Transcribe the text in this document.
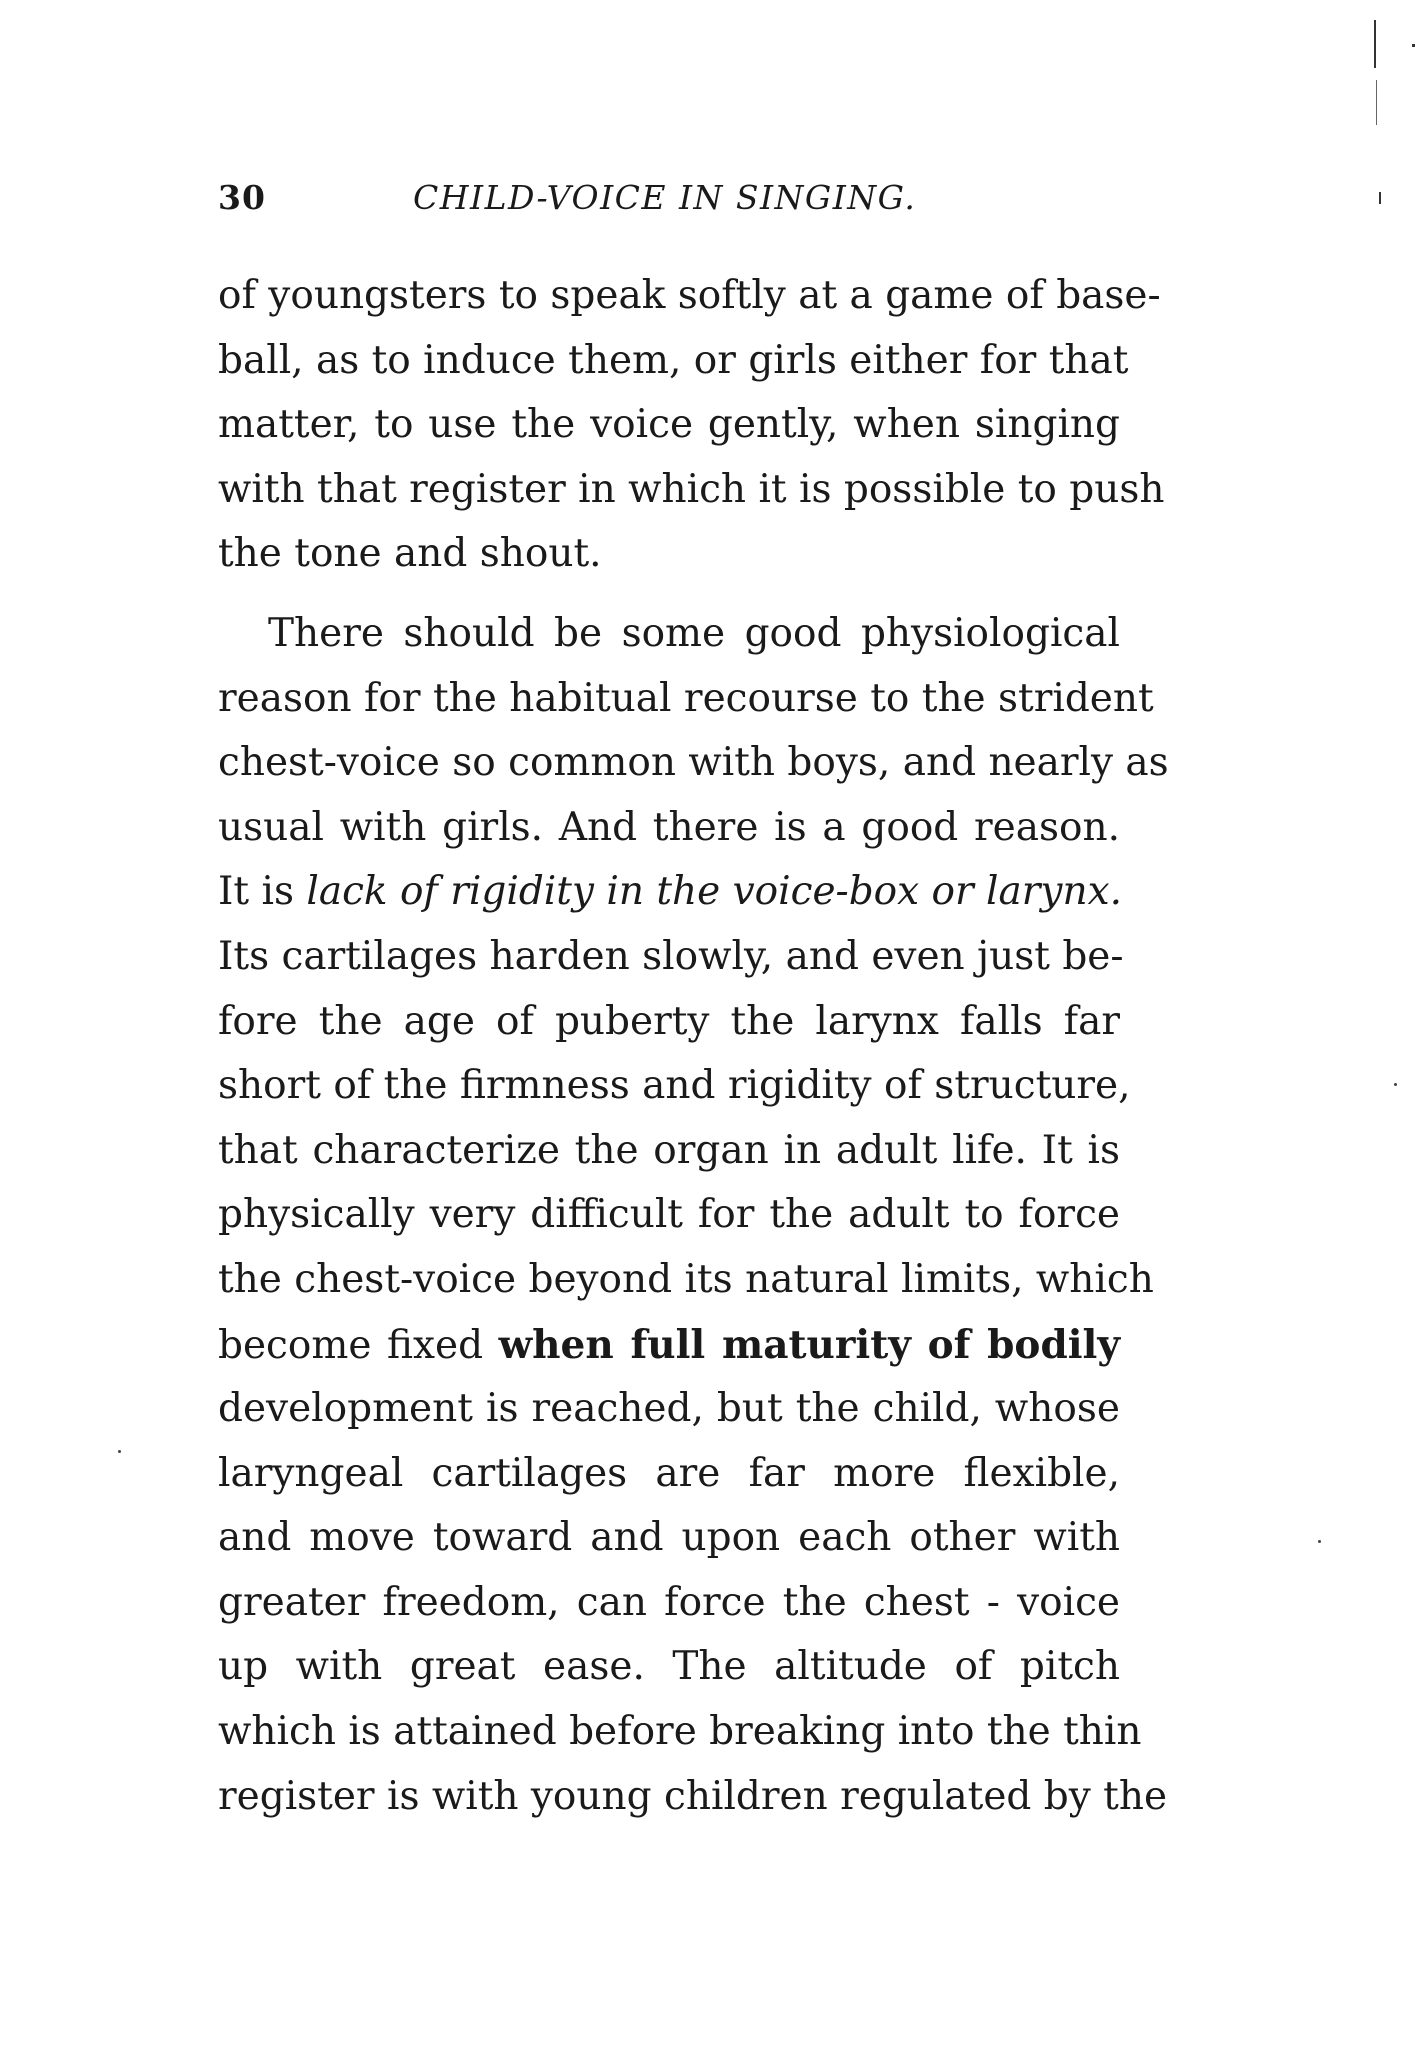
30	CHILD-VOICE IN SINGING.
of youngsters to speak softly at a game of base-
ball, as to induce them, or girls either for that
matter, to use the voice gently, when singing
with that register in which it is possible to push
the tone and shout.
There should be some good physiological
reason for the habitual recourse to the strident
chest-voice so common with boys, and nearly as
usual with girls. And there is a good reason.
It is lack of rigidity in the voice-box or larynx.
Its cartilages harden slowly, and even just be-
fore the age of puberty the larynx falls far
short of the firmness and rigidity of structure,
that characterize the organ in adult life. It is
physically very difficult for the adult to force
the chest-voice beyond its natural limits, which
become fixed when full maturity of bodily
development is reached, but the child, whose
laryngeal cartilages are far more flexible,
and move toward and upon each other with
greater freedom, can force the chest - voice
up with great ease. The altitude of pitch
which is attained before breaking into the thin
register is with young children regulated by the
